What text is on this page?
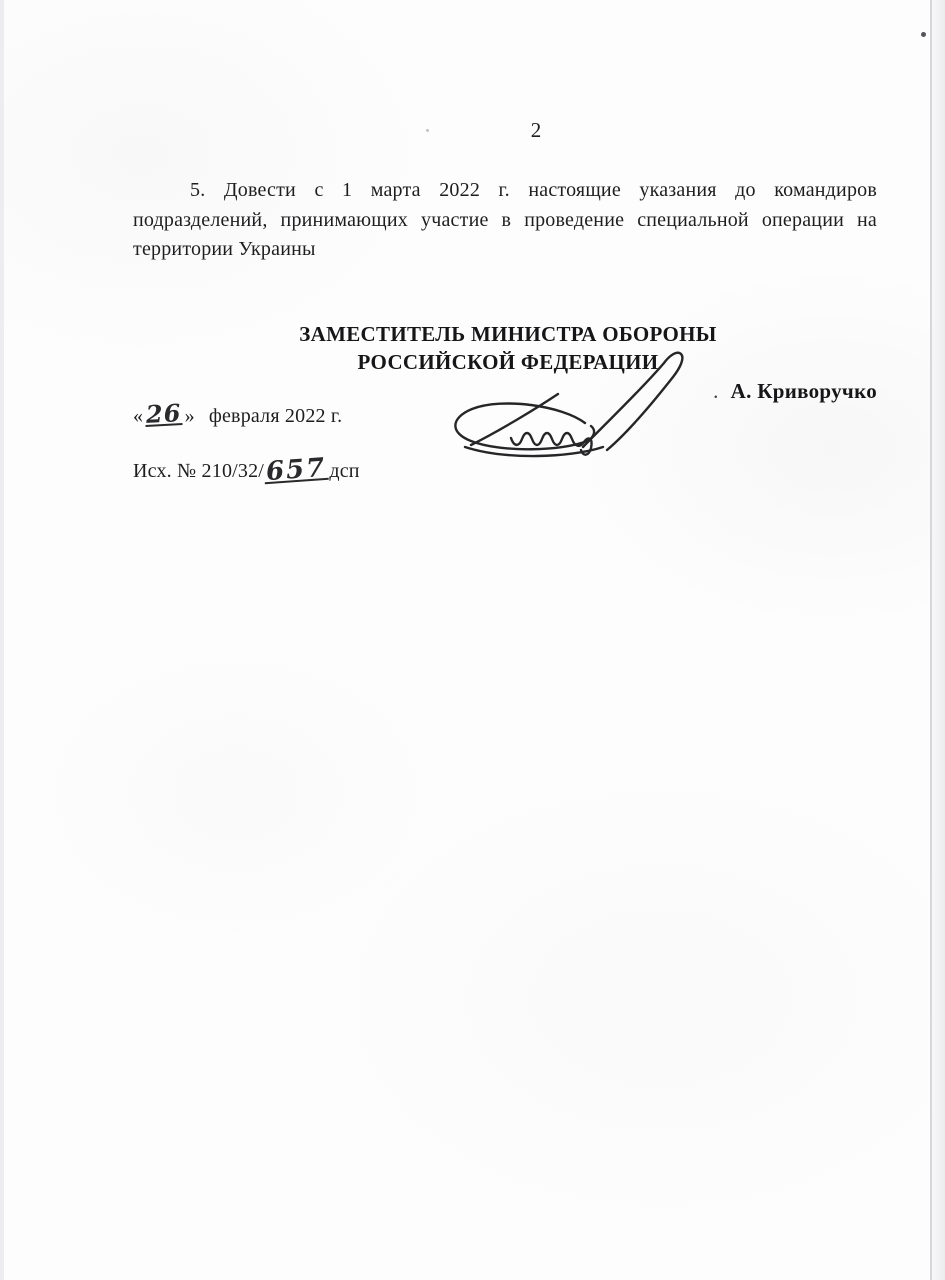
2
5. Довести с 1 марта 2022 г. настоящие указания до командиров
подразделений, принимающих участие в проведение специальной операции на
территории Украины
ЗАМЕСТИТЕЛЬ МИНИСТРА ОБОРОНЫ
РОССИЙСКОЙ ФЕДЕРАЦИИ
. А. Криворучко
«26 » февраля 2022 г.
Исх. № 210/32/657 дсп
